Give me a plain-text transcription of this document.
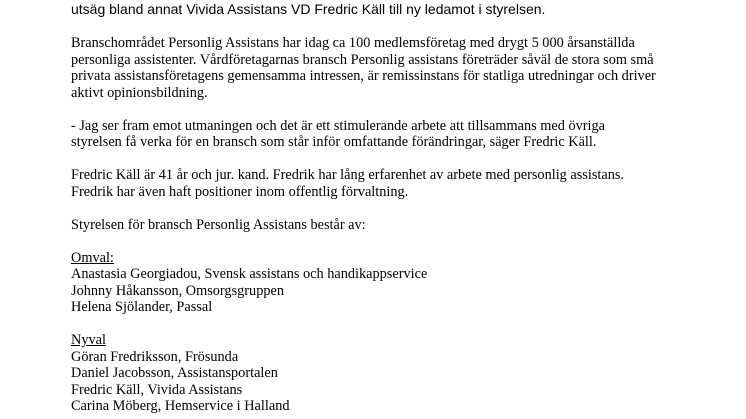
utsäg bland annat Vivida Assistans VD Fredric Käll till ny ledamot i styrelsen.

Branschområdet Personlig Assistans har idag ca 100 medlemsföretag med drygt 5 000 årsanställda
personliga assistenter. Vårdföretagarnas bransch Personlig assistans företräder såväl de stora som små
privata assistansföretagens gemensamma intressen, är remissinstans för statliga utredningar och driver
aktivt opinionsbildning.

- Jag ser fram emot utmaningen och det är ett stimulerande arbete att tillsammans med övriga
styrelsen få verka för en bransch som står inför omfattande förändringar, säger Fredric Käll.

Fredric Käll är 41 år och jur. kand. Fredrik har lång erfarenhet av arbete med personlig assistans.
Fredrik har även haft positioner inom offentlig förvaltning.

Styrelsen för bransch Personlig Assistans består av:

Omval:
Anastasia Georgiadou, Svensk assistans och handikappservice
Johnny Håkansson, Omsorgsgruppen
Helena Sjölander, Passal
Nyval
Göran Fredriksson, Frösunda
Daniel Jacobsson, Assistansportalen
Fredric Käll, Vivida Assistans
Carina Möberg, Hemservice i Halland
